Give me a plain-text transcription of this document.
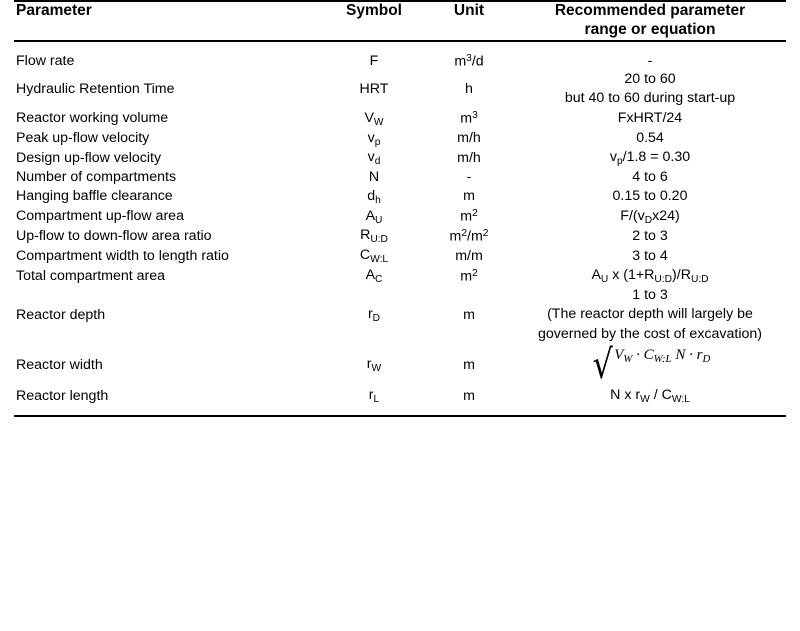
Parameter	Symbol	Unit	Recommended parameter
range or equation

Flow rate	F	$m^3/d$	-
Hydraulic Retention Time	HRT	h	20 to 60
but 40 to 60 during start-up

Reactor working volume	$V_W$	$m^3$	FxHRT/24
Peak up-flow velocity	$v_p$	m/h	0.54
Design up-flow velocity	$v_d$	m/h	$v_p/1.8 = 0.30$
Number of compartments	N	-	4 to 6
Hanging baffle clearance	$d_h$	m	0.15 to 0.20
Compartment up-flow area	$A_U$	$m^2$	$F/(v_Dx24)$
Up-flow to down-flow area ratio	$R_{U:D}$	$m^2/m^2$	2 to 3
Compartment width to length ratio	$C_{W:L}$	m/m	3 to 4
Total compartment area	$A_C$	$m^2$	$A_U$ x $(1+R_{U:D})/R_{U:D}$
Reactor depth	$r_D$	m	1 to 3
(The reactor depth will largely be
governed by the cost of excavation)

Reactor width	$r_W$	m	√ $V_W \cdot C_{W:L}$ $N \cdot r_D$

Reactor length	$r_L$	m	N x $r_W / C_{W:L}$
